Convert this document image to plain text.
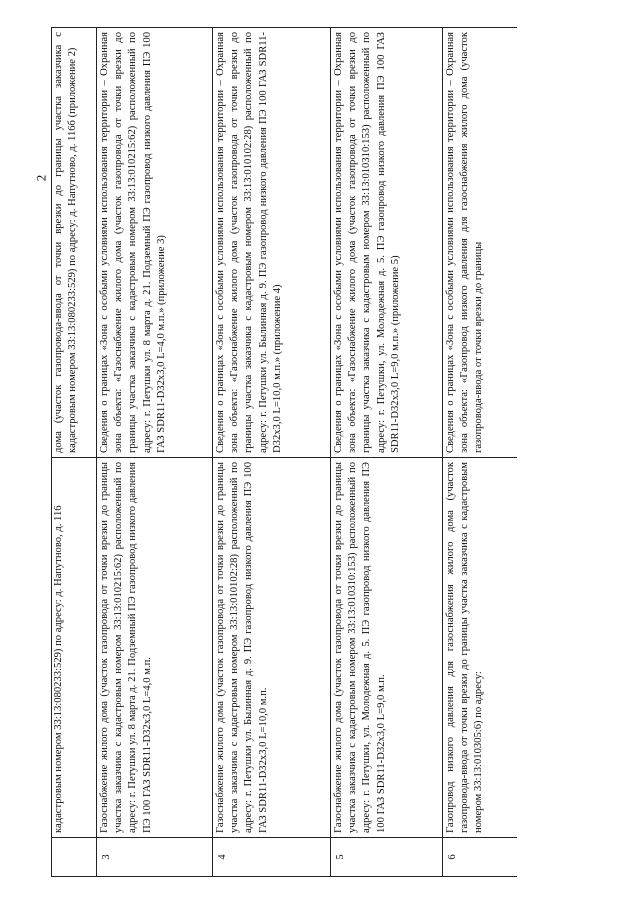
2
кадастровым номером 33:13:080233:529) по адресу: д. Напутново, д. 116
дома (участок газопровода-ввода от точки врезки до границы участка заказчика с кадастровым номером 33:13:080233:529) по адресу: д. Напутново, д. 116б (приложение 2)
3
Газоснабжение жилого дома (участок газопровода от точки врезки до границы участка заказчика с кадастровым номером 33:13:010215:62) расположенный по адресу: г. Петушки ул. 8 марта д. 21. Подземный ПЭ газопровод низкого давления ПЭ 100 ГАЗ SDR11-D32x3,0 L=4,0 м.п.
Сведения о границах «Зона с особыми условиями использования территории – Охранная зона объекта: «Газоснабжение жилого дома (участок газопровода от точки врезки до границы участка заказчика с кадастровым номером 33:13:010215:62) расположенный по адресу: г. Петушки ул. 8 марта д. 21. Подземный ПЭ газопровод низкого давления ПЭ 100 ГАЗ SDR11-D32x3,0 L=4,0 м.п.» (приложение 3)
4
Газоснабжение жилого дома (участок газопровода от точки врезки до границы участка заказчика с кадастровым номером 33:13:010102:28) расположенный по адресу: г. Петушки ул. Былинная д. 9. ПЭ газопровод низкого давления ПЭ 100 ГАЗ SDR11-D32x3,0 L=10,0 м.п.
Сведения о границах «Зона с особыми условиями использования территории – Охранная зона объекта: «Газоснабжение жилого дома (участок газопровода от точки врезки до границы участка заказчика с кадастровым номером 33:13:010102:28) расположенный по адресу: г. Петушки ул. Былинная д. 9. ПЭ газопровод низкого давления ПЭ 100 ГАЗ SDR11-D32x3,0 L=10,0 м.п.» (приложение 4)
5
Газоснабжение жилого дома (участок газопровода от точки врезки до границы участка заказчика с кадастровым номером 33:13:010310:153) расположенный по адресу: г. Петушки, ул. Молодежная д. 5. ПЭ газопровод низкого давления ПЭ 100 ГАЗ SDR11-D32x3,0 L=9,0 м.п.
Сведения о границах «Зона с особыми условиями использования территории – Охранная зона объекта: «Газоснабжение жилого дома (участок газопровода от точки врезки до границы участка заказчика с кадастровым номером 33:13:010310:153) расположенный по адресу: г. Петушки, ул. Молодежная д. 5. ПЭ газопровод низкого давления ПЭ 100 ГАЗ SDR11-D32x3,0 L=9,0 м.п.» (приложение 5)
6
Газопровод низкого давления для газоснабжения жилого дома (участок газопровода-ввода от точки врезки до границы участка заказчика с кадастровым номером 33:13:010305:6) по адресу:
Сведения о границах «Зона с особыми условиями использования территории – Охранная зона объекта: «Газопровод низкого давления для газоснабжения жилого дома (участок газопровода-ввода от точки врезки до границы
